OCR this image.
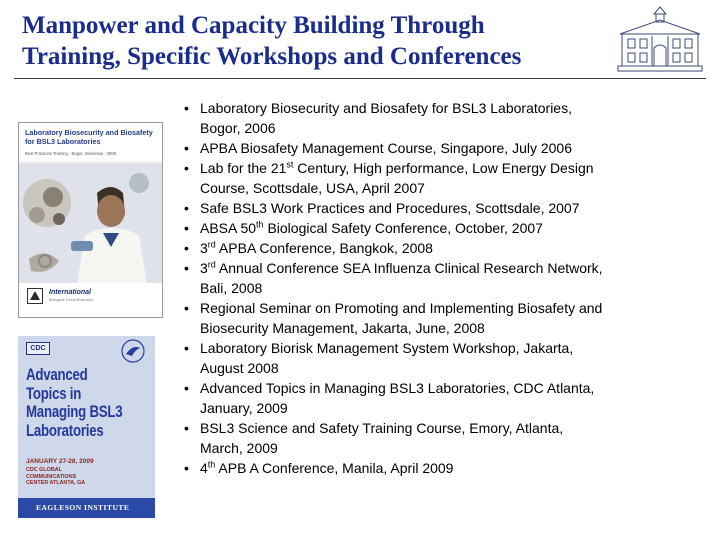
Manpower and Capacity Building Through
Training, Specific Workshops and Conferences
Laboratory Biosecurity and Biosafety for BSL3 Laboratories
Best Practices Training · Bogor, Indonesia · 2006
International
Biological Threat Reduction
CDC
Advanced
Topics in
Managing BSL3
Laboratories
JANUARY 27-28, 2009
CDC GLOBAL
COMMUNICATIONS
CENTER ATLANTA, GA
EAGLESON INSTITUTE
• Laboratory Biosecurity and Biosafety for BSL3 Laboratories,
Bogor, 2006
• APBA Biosafety Management Course, Singapore, July 2006
• Lab for the 21st Century, High performance, Low Energy Design
Course, Scottsdale, USA, April 2007
• Safe BSL3 Work Practices and Procedures, Scottsdale, 2007
• ABSA 50th Biological Safety Conference, October, 2007
• 3rd APBA Conference, Bangkok, 2008
• 3rd Annual Conference SEA Influenza Clinical Research Network,
Bali, 2008
• Regional Seminar on Promoting and Implementing Biosafety and
Biosecurity Management, Jakarta, June, 2008
• Laboratory Biorisk Management System Workshop, Jakarta,
August 2008
• Advanced Topics in Managing BSL3 Laboratories, CDC Atlanta,
January, 2009
• BSL3 Science and Safety Training Course, Emory, Atlanta,
March, 2009
• 4th APB A Conference, Manila, April 2009
